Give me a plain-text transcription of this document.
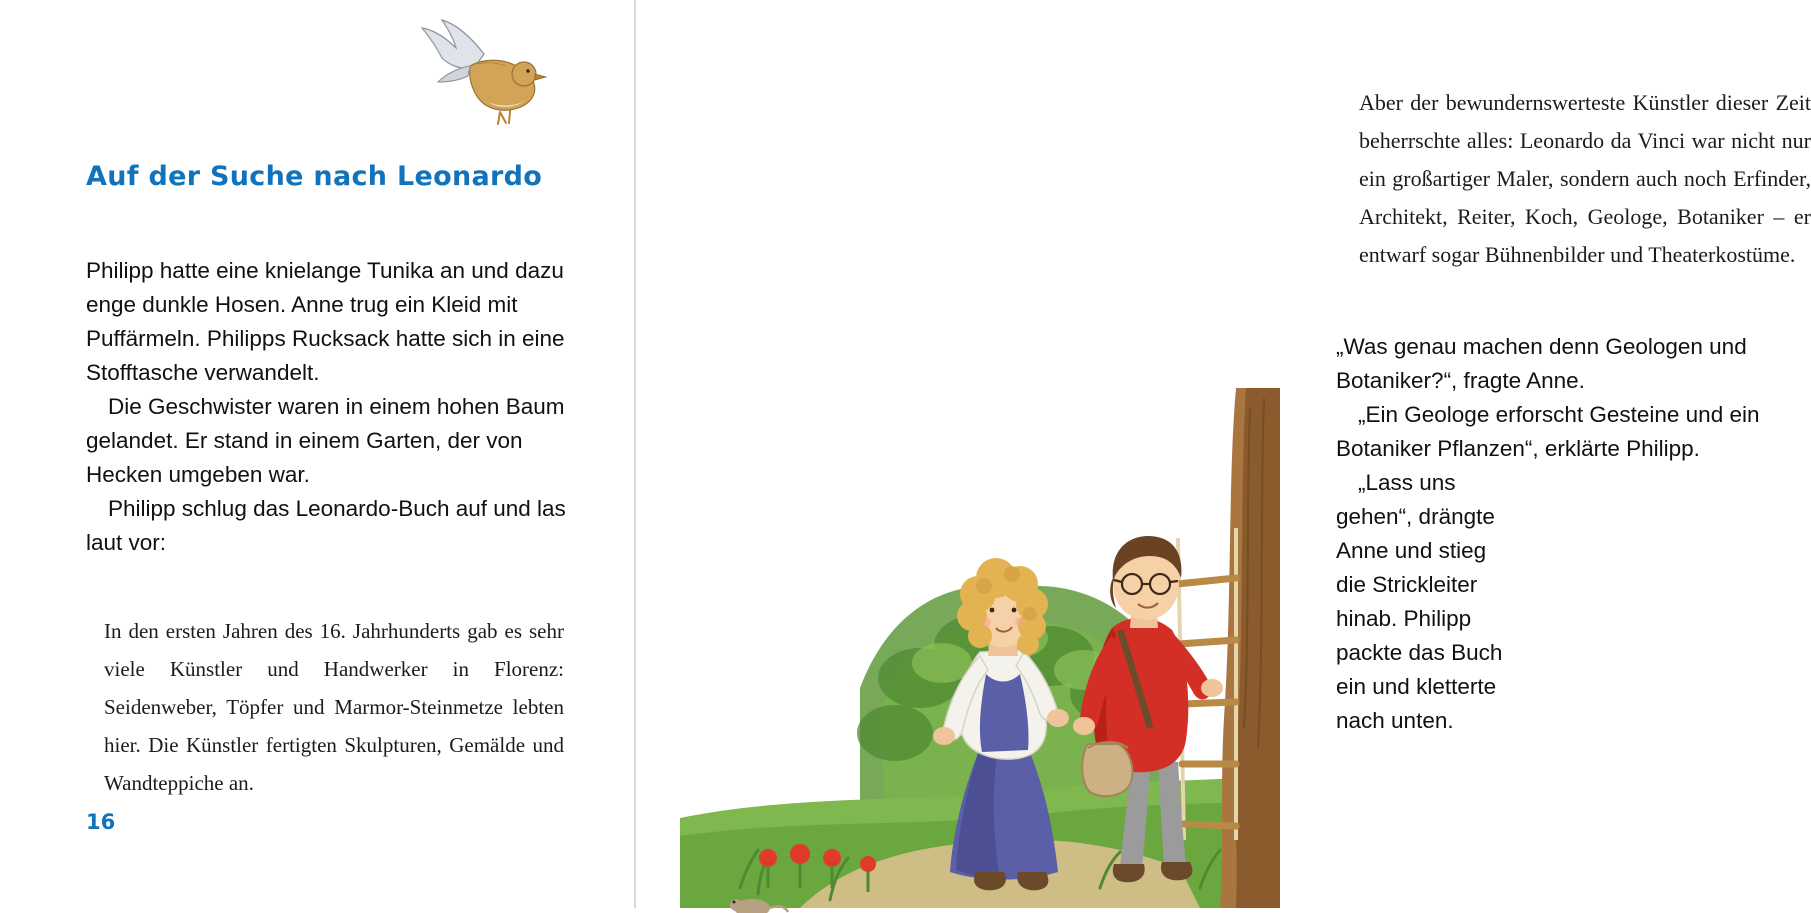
Auf der Suche nach Leonardo

Philipp hatte eine knielange Tunika an und dazu enge dunkle Hosen. Anne trug ein Kleid mit Puffärmeln. Philipps Rucksack hatte sich in eine Stofftasche verwandelt.

Die Geschwister waren in einem hohen Baum gelandet. Er stand in einem Garten, der von Hecken umgeben war.

Philipp schlug das Leonardo-Buch auf und las laut vor:

In den ersten Jahren des 16. Jahrhunderts gab es sehr viele Künstler und Handwerker in Florenz: Seidenweber, Töpfer und Marmor-Steinmetze lebten hier. Die Künstler fertigten Skulpturen, Gemälde und Wandteppiche an.

16

Aber der bewundernswerteste Künstler dieser Zeit beherrschte alles: Leonardo da Vinci war nicht nur ein großartiger Maler, sondern auch noch Erfinder, Architekt, Reiter, Koch, Geologe, Botaniker – er entwarf sogar Bühnenbilder und Theaterkostüme.

„Was genau machen denn Geologen und Botaniker?“, fragte Anne.

„Ein Geologe erforscht Gesteine und ein Botaniker Pflanzen“, erklärte Philipp.

„Lass uns gehen“, drängte Anne und stieg die Strickleiter hinab. Philipp packte das Buch ein und kletterte nach unten.
